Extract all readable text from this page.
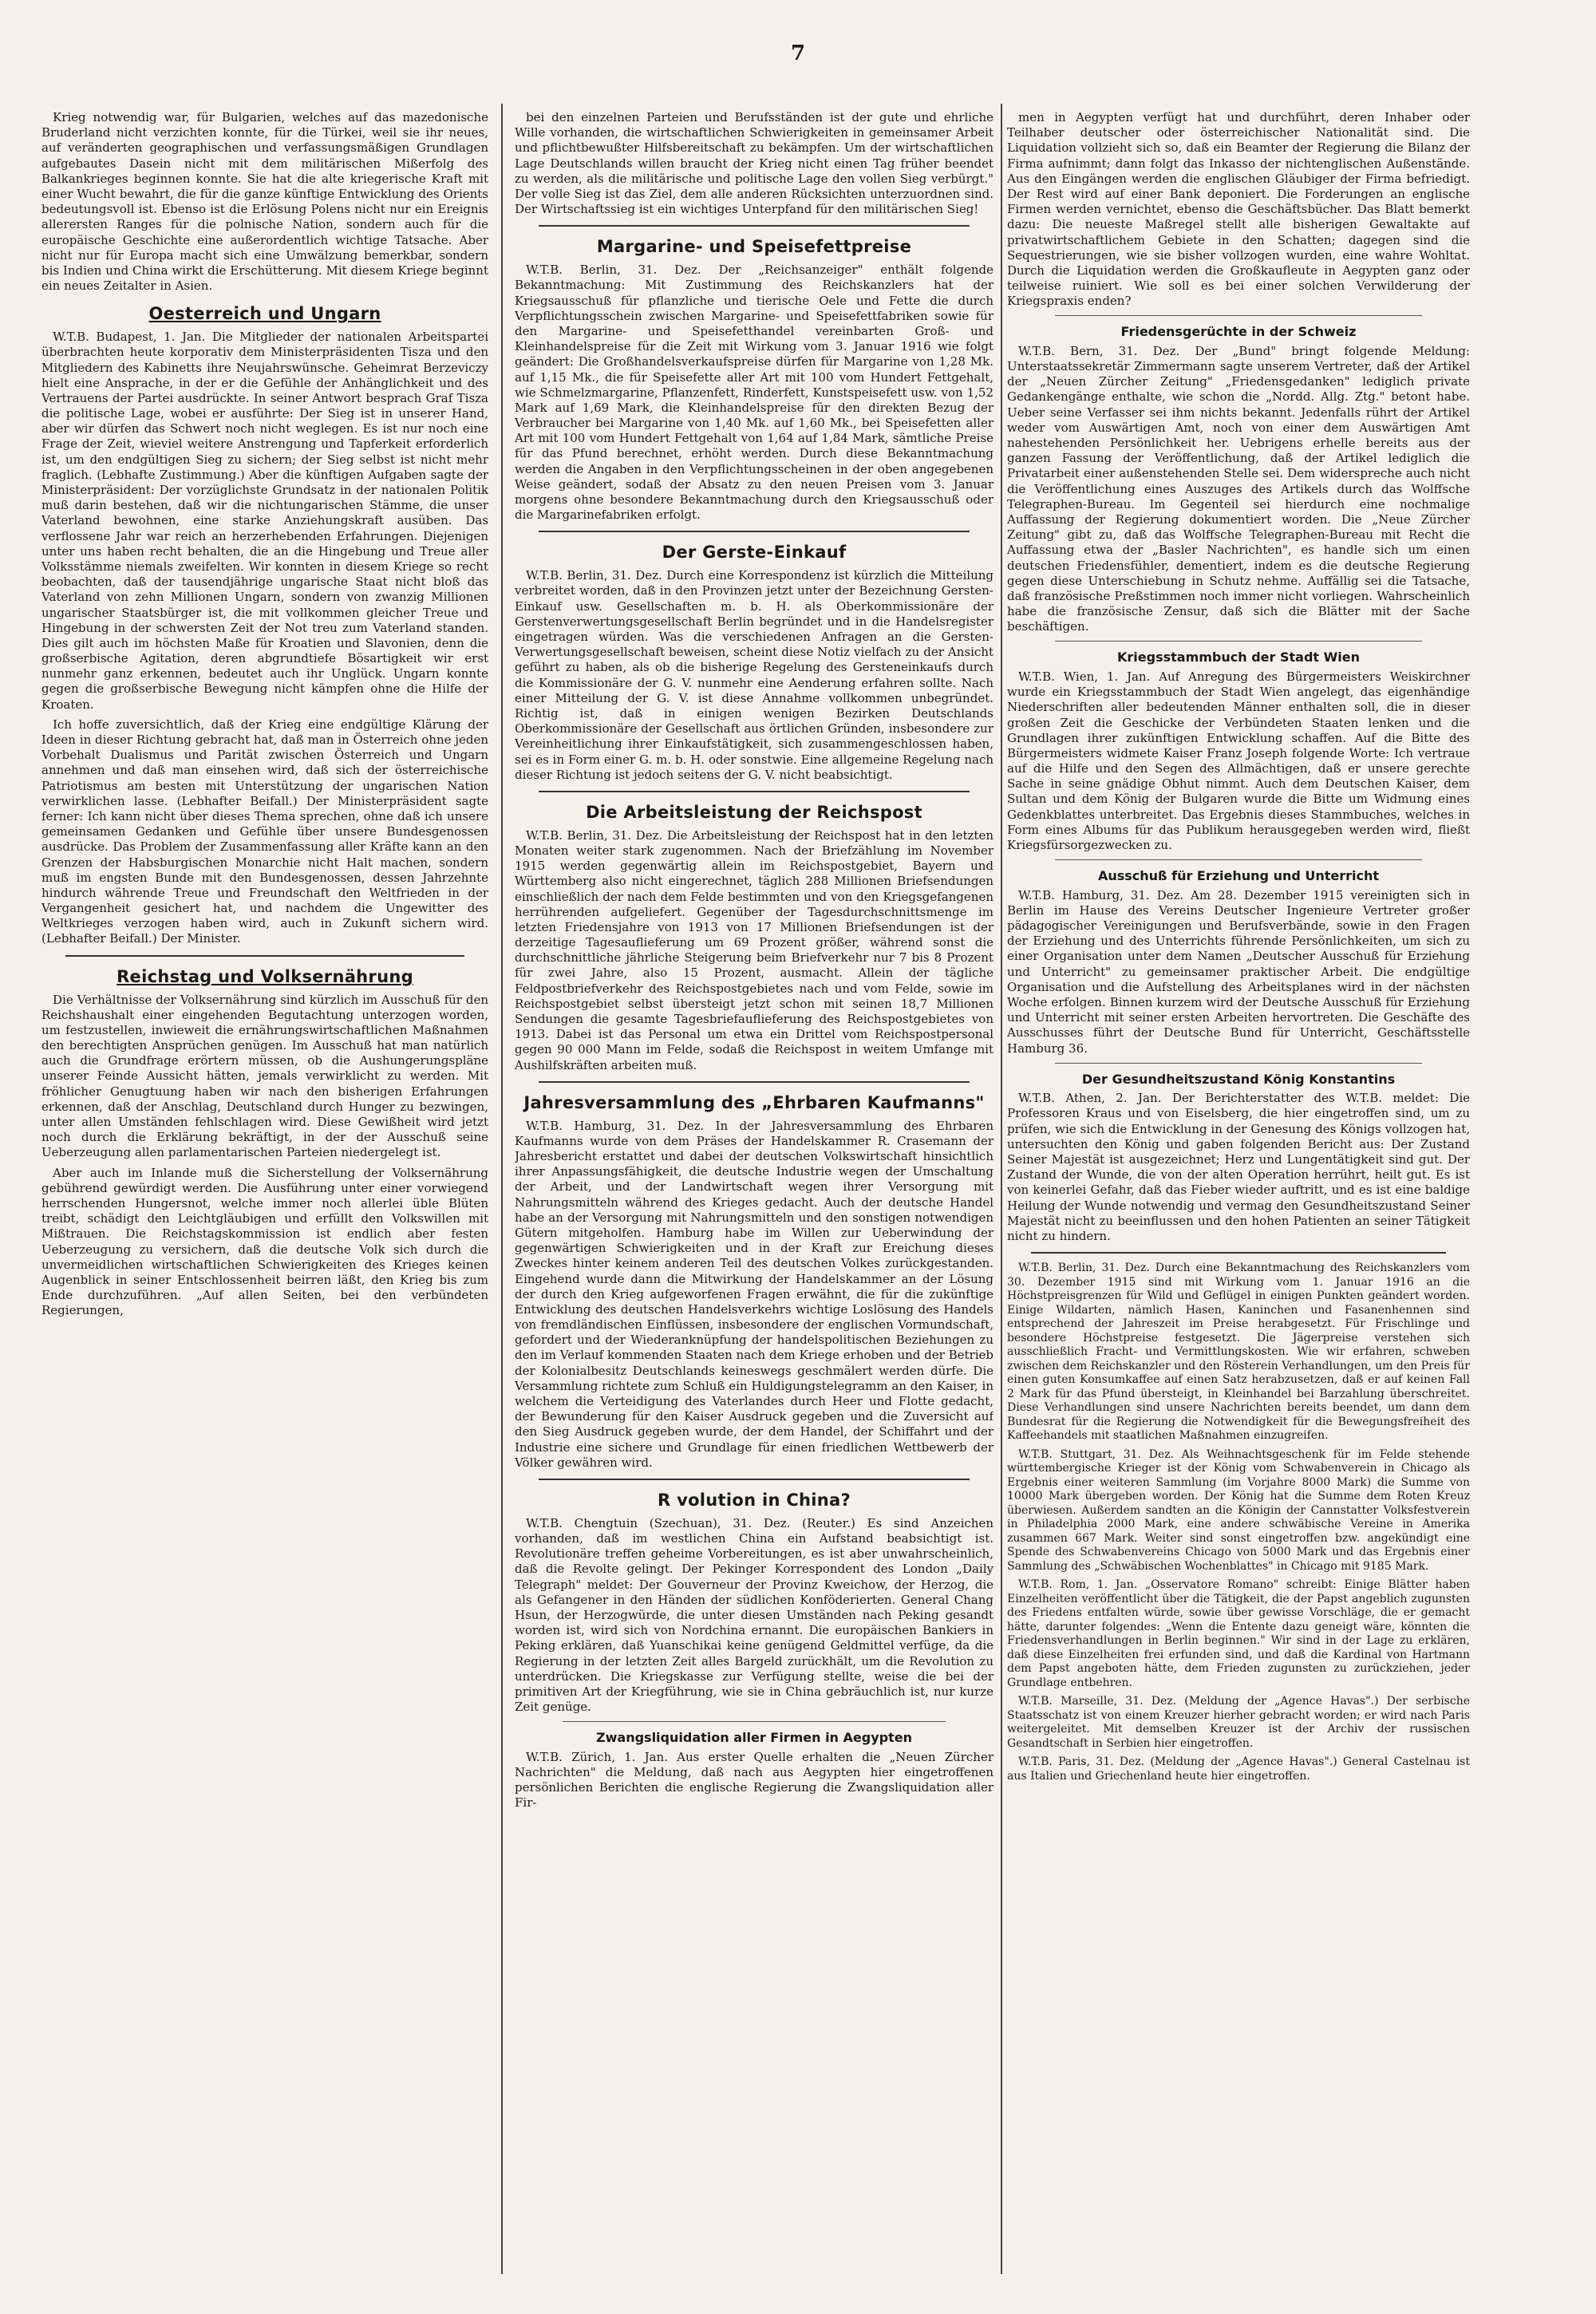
7

Krieg notwendig war, für Bulgarien, welches auf das mazedonische Bruderland nicht verzichten konnte, für die Türkei, weil sie ihr neues, auf veränderten geographischen und verfassungsmäßigen Grundlagen aufgebautes Dasein nicht mit dem militärischen Mißerfolg des Balkankrieges beginnen konnte. Sie hat die alte kriegerische Kraft mit einer Wucht bewahrt, die für die ganze künftige Entwicklung des Orients bedeutungsvoll ist. Ebenso ist die Erlösung Polens nicht nur ein Ereignis allerersten Ranges für die polnische Nation, sondern auch für die europäische Geschichte eine außerordentlich wichtige Tatsache. Aber nicht nur für Europa macht sich eine Umwälzung bemerkbar, sondern bis Indien und China wirkt die Erschütterung. Mit diesem Kriege beginnt ein neues Zeitalter in Asien.

Oesterreich und Ungarn

W.T.B. Budapest, 1. Jan. Die Mitglieder der nationalen Arbeitspartei überbrachten heute korporativ dem Ministerpräsidenten Tisza und den Mitgliedern des Kabinetts ihre Neujahrswünsche. Geheimrat Berzeviczy hielt eine Ansprache, in der er die Gefühle der Anhänglichkeit und des Vertrauens der Partei ausdrückte. In seiner Antwort besprach Graf Tisza die politische Lage, wobei er ausführte: Der Sieg ist in unserer Hand, aber wir dürfen das Schwert noch nicht weglegen. Es ist nur noch eine Frage der Zeit, wieviel weitere Anstrengung und Tapferkeit erforderlich ist, um den endgültigen Sieg zu sichern; der Sieg selbst ist nicht mehr fraglich. (Lebhafte Zustimmung.) Aber die künftigen Aufgaben sagte der Ministerpräsident: Der vorzüglichste Grundsatz in der nationalen Politik muß darin bestehen, daß wir die nichtungarischen Stämme, die unser Vaterland bewohnen, eine starke Anziehungskraft ausüben. Das verflossene Jahr war reich an herzerhebenden Erfahrungen. Diejenigen unter uns haben recht behalten, die an die Hingebung und Treue aller Volksstämme niemals zweifelten. Wir konnten in diesem Kriege so recht beobachten, daß der tausendjährige ungarische Staat nicht bloß das Vaterland von zehn Millionen Ungarn, sondern von zwanzig Millionen ungarischer Staatsbürger ist, die mit vollkommen gleicher Treue und Hingebung in der schwersten Zeit der Not treu zum Vaterland standen. Dies gilt auch im höchsten Maße für Kroatien und Slavonien, denn die großserbische Agitation, deren abgrundtiefe Bösartigkeit wir erst nunmehr ganz erkennen, bedeutet auch ihr Unglück. Ungarn konnte gegen die großserbische Bewegung nicht kämpfen ohne die Hilfe der Kroaten.

Ich hoffe zuversichtlich, daß der Krieg eine endgültige Klärung der Ideen in dieser Richtung gebracht hat, daß man in Österreich ohne jeden Vorbehalt Dualismus und Parität zwischen Österreich und Ungarn annehmen und daß man einsehen wird, daß sich der österreichische Patriotismus am besten mit Unterstützung der ungarischen Nation verwirklichen lasse. (Lebhafter Beifall.) Der Ministerpräsident sagte ferner: Ich kann nicht über dieses Thema sprechen, ohne daß ich unsere gemeinsamen Gedanken und Gefühle über unsere Bundesgenossen ausdrücke. Das Problem der Zusammenfassung aller Kräfte kann an den Grenzen der Habsburgischen Monarchie nicht Halt machen, sondern muß im engsten Bunde mit den Bundesgenossen, dessen Jahrzehnte hindurch währende Treue und Freundschaft den Weltfrieden in der Vergangenheit gesichert hat, und nachdem die Ungewitter des Weltkrieges verzogen haben wird, auch in Zukunft sichern wird. (Lebhafter Beifall.) Der Minister.

Reichstag und Volksernährung

Die Verhältnisse der Volksernährung sind kürzlich im Ausschuß für den Reichshaushalt einer eingehenden Begutachtung unterzogen worden, um festzustellen, inwieweit die ernährungswirtschaftlichen Maßnahmen den berechtigten Ansprüchen genügen. Im Ausschuß hat man natürlich auch die Grundfrage erörtern müssen, ob die Aushungerungspläne unserer Feinde Aussicht hätten, jemals verwirklicht zu werden. Mit fröhlicher Genugtuung haben wir nach den bisherigen Erfahrungen erkennen, daß der Anschlag, Deutschland durch Hunger zu bezwingen, unter allen Umständen fehlschlagen wird. Diese Gewißheit wird jetzt noch durch die Erklärung bekräftigt, in der der Ausschuß seine Ueberzeugung allen parlamentarischen Parteien niedergelegt ist.

Aber auch im Inlande muß die Sicherstellung der Volksernährung gebührend gewürdigt werden. Die Ausführung unter einer vorwiegend herrschenden Hungersnot, welche immer noch allerlei üble Blüten treibt, schädigt den Leichtgläubigen und erfüllt den Volkswillen mit Mißtrauen. Die Reichstagskommission ist endlich aber festen Ueberzeugung zu versichern, daß die deutsche Volk sich durch die unvermeidlichen wirtschaftlichen Schwierigkeiten des Krieges keinen Augenblick in seiner Entschlossenheit beirren läßt, den Krieg bis zum Ende durchzuführen. „Auf allen Seiten, bei den verbündeten Regierungen,

bei den einzelnen Parteien und Berufsständen ist der gute und ehrliche Wille vorhanden, die wirtschaftlichen Schwierigkeiten in gemeinsamer Arbeit und pflichtbewußter Hilfsbereitschaft zu bekämpfen. Um der wirtschaftlichen Lage Deutschlands willen braucht der Krieg nicht einen Tag früher beendet zu werden, als die militärische und politische Lage den vollen Sieg verbürgt." Der volle Sieg ist das Ziel, dem alle anderen Rücksichten unterzuordnen sind. Der Wirtschaftssieg ist ein wichtiges Unterpfand für den militärischen Sieg!

Margarine- und Speisefettpreise

W.T.B. Berlin, 31. Dez. Der „Reichsanzeiger" enthält folgende Bekanntmachung: Mit Zustimmung des Reichskanzlers hat der Kriegsausschuß für pflanzliche und tierische Oele und Fette die durch Verpflichtungsschein zwischen Margarine- und Speisefettfabriken sowie für den Margarine- und Speisefetthandel vereinbarten Groß- und Kleinhandelspreise für die Zeit mit Wirkung vom 3. Januar 1916 wie folgt geändert: Die Großhandelsverkaufspreise dürfen für Margarine von 1,28 Mk. auf 1,15 Mk., die für Speisefette aller Art mit 100 vom Hundert Fettgehalt, wie Schmelzmargarine, Pflanzenfett, Rinderfett, Kunstspeisefett usw. von 1,52 Mark auf 1,69 Mark, die Kleinhandelspreise für den direkten Bezug der Verbraucher bei Margarine von 1,40 Mk. auf 1,60 Mk., bei Speisefetten aller Art mit 100 vom Hundert Fettgehalt von 1,64 auf 1,84 Mark, sämtliche Preise für das Pfund berechnet, erhöht werden. Durch diese Bekanntmachung werden die Angaben in den Verpflichtungsscheinen in der oben angegebenen Weise geändert, sodaß der Absatz zu den neuen Preisen vom 3. Januar morgens ohne besondere Bekanntmachung durch den Kriegsausschuß oder die Margarinefabriken erfolgt.

Der Gerste-Einkauf

W.T.B. Berlin, 31. Dez. Durch eine Korrespondenz ist kürzlich die Mitteilung verbreitet worden, daß in den Provinzen jetzt unter der Bezeichnung Gersten-Einkauf usw. Gesellschaften m. b. H. als Oberkommissionäre der Gerstenverwertungsgesellschaft Berlin begründet und in die Handelsregister eingetragen würden. Was die verschiedenen Anfragen an die Gersten-Verwertungsgesellschaft beweisen, scheint diese Notiz vielfach zu der Ansicht geführt zu haben, als ob die bisherige Regelung des Gersteneinkaufs durch die Kommissionäre der G. V. nunmehr eine Aenderung erfahren sollte. Nach einer Mitteilung der G. V. ist diese Annahme vollkommen unbegründet. Richtig ist, daß in einigen wenigen Bezirken Deutschlands Oberkommissionäre der Gesellschaft aus örtlichen Gründen, insbesondere zur Vereinheitlichung ihrer Einkaufstätigkeit, sich zusammengeschlossen haben, sei es in Form einer G. m. b. H. oder sonstwie. Eine allgemeine Regelung nach dieser Richtung ist jedoch seitens der G. V. nicht beabsichtigt.

Die Arbeitsleistung der Reichspost

W.T.B. Berlin, 31. Dez. Die Arbeitsleistung der Reichspost hat in den letzten Monaten weiter stark zugenommen. Nach der Briefzählung im November 1915 werden gegenwärtig allein im Reichspostgebiet, Bayern und Württemberg also nicht eingerechnet, täglich 288 Millionen Briefsendungen einschließlich der nach dem Felde bestimmten und von den Kriegsgefangenen herrührenden aufgeliefert. Gegenüber der Tagesdurchschnittsmenge im letzten Friedensjahre von 1913 von 17 Millionen Briefsendungen ist der derzeitige Tagesauflieferung um 69 Prozent größer, während sonst die durchschnittliche jährliche Steigerung beim Briefverkehr nur 7 bis 8 Prozent für zwei Jahre, also 15 Prozent, ausmacht. Allein der tägliche Feldpostbriefverkehr des Reichspostgebietes nach und vom Felde, sowie im Reichspostgebiet selbst übersteigt jetzt schon mit seinen 18,7 Millionen Sendungen die gesamte Tagesbriefauflieferung des Reichspostgebietes von 1913. Dabei ist das Personal um etwa ein Drittel vom Reichspostpersonal gegen 90 000 Mann im Felde, sodaß die Reichspost in weitem Umfange mit Aushilfskräften arbeiten muß.

Jahresversammlung des „Ehrbaren Kaufmanns"

W.T.B. Hamburg, 31. Dez. In der Jahresversammlung des Ehrbaren Kaufmanns wurde von dem Präses der Handelskammer R. Crasemann der Jahresbericht erstattet und dabei der deutschen Volkswirtschaft hinsichtlich ihrer Anpassungsfähigkeit, die deutsche Industrie wegen der Umschaltung der Arbeit, und der Landwirtschaft wegen ihrer Versorgung mit Nahrungsmitteln während des Krieges gedacht. Auch der deutsche Handel habe an der Versorgung mit Nahrungsmitteln und den sonstigen notwendigen Gütern mitgeholfen. Hamburg habe im Willen zur Ueberwindung der gegenwärtigen Schwierigkeiten und in der Kraft zur Ereichung dieses Zweckes hinter keinem anderen Teil des deutschen Volkes zurückgestanden. Eingehend wurde dann die Mitwirkung der Handelskammer an der Lösung der durch den Krieg aufgeworfenen Fragen erwähnt, die für die zukünftige Entwicklung des deutschen Handelsverkehrs wichtige Loslösung des Handels von fremdländischen Einflüssen, insbesondere der englischen Vormundschaft, gefordert und der Wiederanknüpfung der handelspolitischen Beziehungen zu den im Verlauf kommenden Staaten nach dem Kriege erhoben und der Betrieb der Kolonialbesitz Deutschlands keineswegs geschmälert werden dürfe. Die Versammlung richtete zum Schluß ein Huldigungstelegramm an den Kaiser, in welchem die Verteidigung des Vaterlandes durch Heer und Flotte gedacht, der Bewunderung für den Kaiser Ausdruck gegeben und die Zuversicht auf den Sieg Ausdruck gegeben wurde, der dem Handel, der Schiffahrt und der Industrie eine sichere und Grundlage für einen friedlichen Wettbewerb der Völker gewähren wird.

R volution in China?

W.T.B. Chengtuin (Szechuan), 31. Dez. (Reuter.) Es sind Anzeichen vorhanden, daß im westlichen China ein Aufstand beabsichtigt ist. Revolutionäre treffen geheime Vorbereitungen, es ist aber unwahrscheinlich, daß die Revolte gelingt. Der Pekinger Korrespondent des London „Daily Telegraph" meldet: Der Gouverneur der Provinz Kweichow, der Herzog, die als Gefangener in den Händen der südlichen Konföderierten. General Chang Hsun, der Herzogwürde, die unter diesen Umständen nach Peking gesandt worden ist, wird sich von Nordchina ernannt. Die europäischen Bankiers in Peking erklären, daß Yuanschikai keine genügend Geldmittel verfüge, da die Regierung in der letzten Zeit alles Bargeld zurückhält, um die Revolution zu unterdrücken. Die Kriegskasse zur Verfügung stellte, weise die bei der primitiven Art der Kriegführung, wie sie in China gebräuchlich ist, nur kurze Zeit genüge.

Zwangsliquidation aller Firmen in Aegypten

W.T.B. Zürich, 1. Jan. Aus erster Quelle erhalten die „Neuen Zürcher Nachrichten" die Meldung, daß nach aus Aegypten hier eingetroffenen persönlichen Berichten die englische Regierung die Zwangsliquidation aller Fir-

men in Aegypten verfügt hat und durchführt, deren Inhaber oder Teilhaber deutscher oder österreichischer Nationalität sind. Die Liquidation vollzieht sich so, daß ein Beamter der Regierung die Bilanz der Firma aufnimmt; dann folgt das Inkasso der nichtenglischen Außenstände. Aus den Eingängen werden die englischen Gläubiger der Firma befriedigt. Der Rest wird auf einer Bank deponiert. Die Forderungen an englische Firmen werden vernichtet, ebenso die Geschäftsbücher. Das Blatt bemerkt dazu: Die neueste Maßregel stellt alle bisherigen Gewaltakte auf privatwirtschaftlichem Gebiete in den Schatten; dagegen sind die Sequestrierungen, wie sie bisher vollzogen wurden, eine wahre Wohltat. Durch die Liquidation werden die Großkaufleute in Aegypten ganz oder teilweise ruiniert. Wie soll es bei einer solchen Verwilderung der Kriegspraxis enden?

Friedensgerüchte in der Schweiz

W.T.B. Bern, 31. Dez. Der „Bund" bringt folgende Meldung: Unterstaatssekretär Zimmermann sagte unserem Vertreter, daß der Artikel der „Neuen Zürcher Zeitung" „Friedensgedanken" lediglich private Gedankengänge enthalte, wie schon die „Nordd. Allg. Ztg." betont habe. Ueber seine Verfasser sei ihm nichts bekannt. Jedenfalls rührt der Artikel weder vom Auswärtigen Amt, noch von einer dem Auswärtigen Amt nahestehenden Persönlichkeit her. Uebrigens erhelle bereits aus der ganzen Fassung der Veröffentlichung, daß der Artikel lediglich die Privatarbeit einer außenstehenden Stelle sei. Dem widerspreche auch nicht die Veröffentlichung eines Auszuges des Artikels durch das Wolffsche Telegraphen-Bureau. Im Gegenteil sei hierdurch eine nochmalige Auffassung der Regierung dokumentiert worden. Die „Neue Zürcher Zeitung" gibt zu, daß das Wolffsche Telegraphen-Bureau mit Recht die Auffassung etwa der „Basler Nachrichten", es handle sich um einen deutschen Friedensfühler, dementiert, indem es die deutsche Regierung gegen diese Unterschiebung in Schutz nehme. Auffällig sei die Tatsache, daß französische Preßstimmen noch immer nicht vorliegen. Wahrscheinlich habe die französische Zensur, daß sich die Blätter mit der Sache beschäftigen.

Kriegsstammbuch der Stadt Wien

W.T.B. Wien, 1. Jan. Auf Anregung des Bürgermeisters Weiskirchner wurde ein Kriegsstammbuch der Stadt Wien angelegt, das eigenhändige Niederschriften aller bedeutenden Männer enthalten soll, die in dieser großen Zeit die Geschicke der Verbündeten Staaten lenken und die Grundlagen ihrer zukünftigen Entwicklung schaffen. Auf die Bitte des Bürgermeisters widmete Kaiser Franz Joseph folgende Worte: Ich vertraue auf die Hilfe und den Segen des Allmächtigen, daß er unsere gerechte Sache in seine gnädige Obhut nimmt. Auch dem Deutschen Kaiser, dem Sultan und dem König der Bulgaren wurde die Bitte um Widmung eines Gedenkblattes unterbreitet. Das Ergebnis dieses Stammbuches, welches in Form eines Albums für das Publikum herausgegeben werden wird, fließt Kriegsfürsorgezwecken zu.

Ausschuß für Erziehung und Unterricht

W.T.B. Hamburg, 31. Dez. Am 28. Dezember 1915 vereinigten sich in Berlin im Hause des Vereins Deutscher Ingenieure Vertreter großer pädagogischer Vereinigungen und Berufsverbände, sowie in den Fragen der Erziehung und des Unterrichts führende Persönlichkeiten, um sich zu einer Organisation unter dem Namen „Deutscher Ausschuß für Erziehung und Unterricht" zu gemeinsamer praktischer Arbeit. Die endgültige Organisation und die Aufstellung des Arbeitsplanes wird in der nächsten Woche erfolgen. Binnen kurzem wird der Deutsche Ausschuß für Erziehung und Unterricht mit seiner ersten Arbeiten hervortreten. Die Geschäfte des Ausschusses führt der Deutsche Bund für Unterricht, Geschäftsstelle Hamburg 36.

Der Gesundheitszustand König Konstantins

W.T.B. Athen, 2. Jan. Der Berichterstatter des W.T.B. meldet: Die Professoren Kraus und von Eiselsberg, die hier eingetroffen sind, um zu prüfen, wie sich die Entwicklung in der Genesung des Königs vollzogen hat, untersuchten den König und gaben folgenden Bericht aus: Der Zustand Seiner Majestät ist ausgezeichnet; Herz und Lungentätigkeit sind gut. Der Zustand der Wunde, die von der alten Operation herrührt, heilt gut. Es ist von keinerlei Gefahr, daß das Fieber wieder auftritt, und es ist eine baldige Heilung der Wunde notwendig und vermag den Gesundheitszustand Seiner Majestät nicht zu beeinflussen und den hohen Patienten an seiner Tätigkeit nicht zu hindern.

W.T.B. Berlin, 31. Dez. Durch eine Bekanntmachung des Reichskanzlers vom 30. Dezember 1915 sind mit Wirkung vom 1. Januar 1916 an die Höchstpreisgrenzen für Wild und Geflügel in einigen Punkten geändert worden. Einige Wildarten, nämlich Hasen, Kaninchen und Fasanenhennen sind entsprechend der Jahreszeit im Preise herabgesetzt. Für Frischlinge und besondere Höchstpreise festgesetzt. Die Jägerpreise verstehen sich ausschließlich Fracht- und Vermittlungskosten. Wie wir erfahren, schweben zwischen dem Reichskanzler und den Rösterein Verhandlungen, um den Preis für einen guten Konsumkaffee auf einen Satz herabzusetzen, daß er auf keinen Fall 2 Mark für das Pfund übersteigt, in Kleinhandel bei Barzahlung überschreitet. Diese Verhandlungen sind unsere Nachrichten bereits beendet, um dann dem Bundesrat für die Regierung die Notwendigkeit für die Bewegungsfreiheit des Kaffeehandels mit staatlichen Maßnahmen einzugreifen.

W.T.B. Stuttgart, 31. Dez. Als Weihnachtsgeschenk für im Felde stehende württembergische Krieger ist der König vom Schwabenverein in Chicago als Ergebnis einer weiteren Sammlung (im Vorjahre 8000 Mark) die Summe von 10000 Mark übergeben worden. Der König hat die Summe dem Roten Kreuz überwiesen. Außerdem sandten an die Königin der Cannstatter Volksfestverein in Philadelphia 2000 Mark, eine andere schwäbische Vereine in Amerika zusammen 667 Mark. Weiter sind sonst eingetroffen bzw. angekündigt eine Spende des Schwabenvereins Chicago von 5000 Mark und das Ergebnis einer Sammlung des „Schwäbischen Wochenblattes" in Chicago mit 9185 Mark.

W.T.B. Rom, 1. Jan. „Osservatore Romano" schreibt: Einige Blätter haben Einzelheiten veröffentlicht über die Tätigkeit, die der Papst angeblich zugunsten des Friedens entfalten würde, sowie über gewisse Vorschläge, die er gemacht hätte, darunter folgendes: „Wenn die Entente dazu geneigt wäre, könnten die Friedensverhandlungen in Berlin beginnen." Wir sind in der Lage zu erklären, daß diese Einzelheiten frei erfunden sind, und daß die Kardinal von Hartmann dem Papst angeboten hätte, dem Frieden zugunsten zu zurückziehen, jeder Grundlage entbehren.

W.T.B. Marseille, 31. Dez. (Meldung der „Agence Havas".) Der serbische Staatsschatz ist von einem Kreuzer hierher gebracht worden; er wird nach Paris weitergeleitet. Mit demselben Kreuzer ist der Archiv der russischen Gesandtschaft in Serbien hier eingetroffen.

W.T.B. Paris, 31. Dez. (Meldung der „Agence Havas".) General Castelnau ist aus Italien und Griechenland heute hier eingetroffen.
